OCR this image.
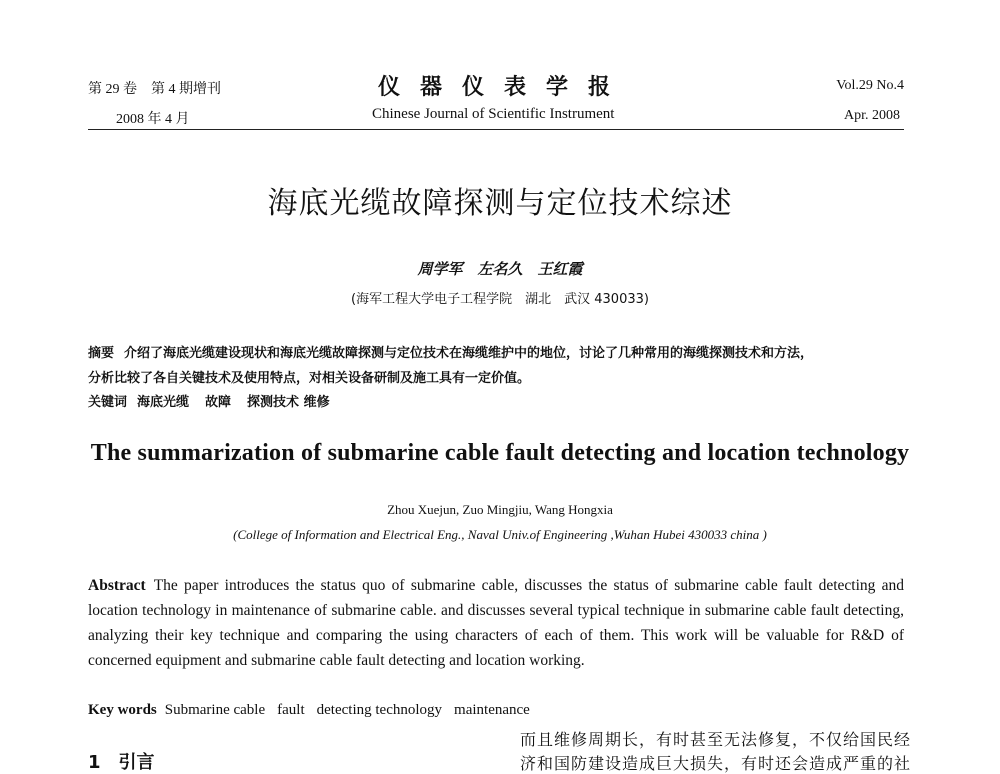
第 29 卷　第 4 期增刊
2008 年 4 月
仪器仪表学报
Chinese Journal of Scientific Instrument
Vol.29 No.4
Apr. 2008
海底光缆故障探测与定位技术综述
周学军　左名久　王红霞
(海军工程大学电子工程学院　湖北　武汉 430033)
摘要 介绍了海底光缆建设现状和海底光缆故障探测与定位技术在海缆维护中的地位，讨论了几种常用的海缆探测技术和方法，
分析比较了各自关键技术及使用特点，对相关设备研制及施工具有一定价值。
关键词 海底光缆 故障 探测技术 维修
The summarization of submarine cable fault detecting and location technology
Zhou Xuejun, Zuo Mingjiu, Wang Hongxia
(College of Information and Electrical Eng., Naval Univ.of Engineering ,Wuhan Hubei 430033 china )
Abstract The paper introduces the status quo of submarine cable, discusses the status of submarine cable fault detecting and location technology in maintenance of submarine cable. and discusses several typical technique in submarine cable fault detecting, analyzing their key technique and comparing the using characters of each of them. This work will be valuable for R&D of concerned equipment and submarine cable fault detecting and location working.
Key words Submarine cable fault detecting technology maintenance
而且维修周期长，有时甚至无法修复，不仅给国民经
济和国防建设造成巨大损失，有时还会造成严重的社
1　引言
